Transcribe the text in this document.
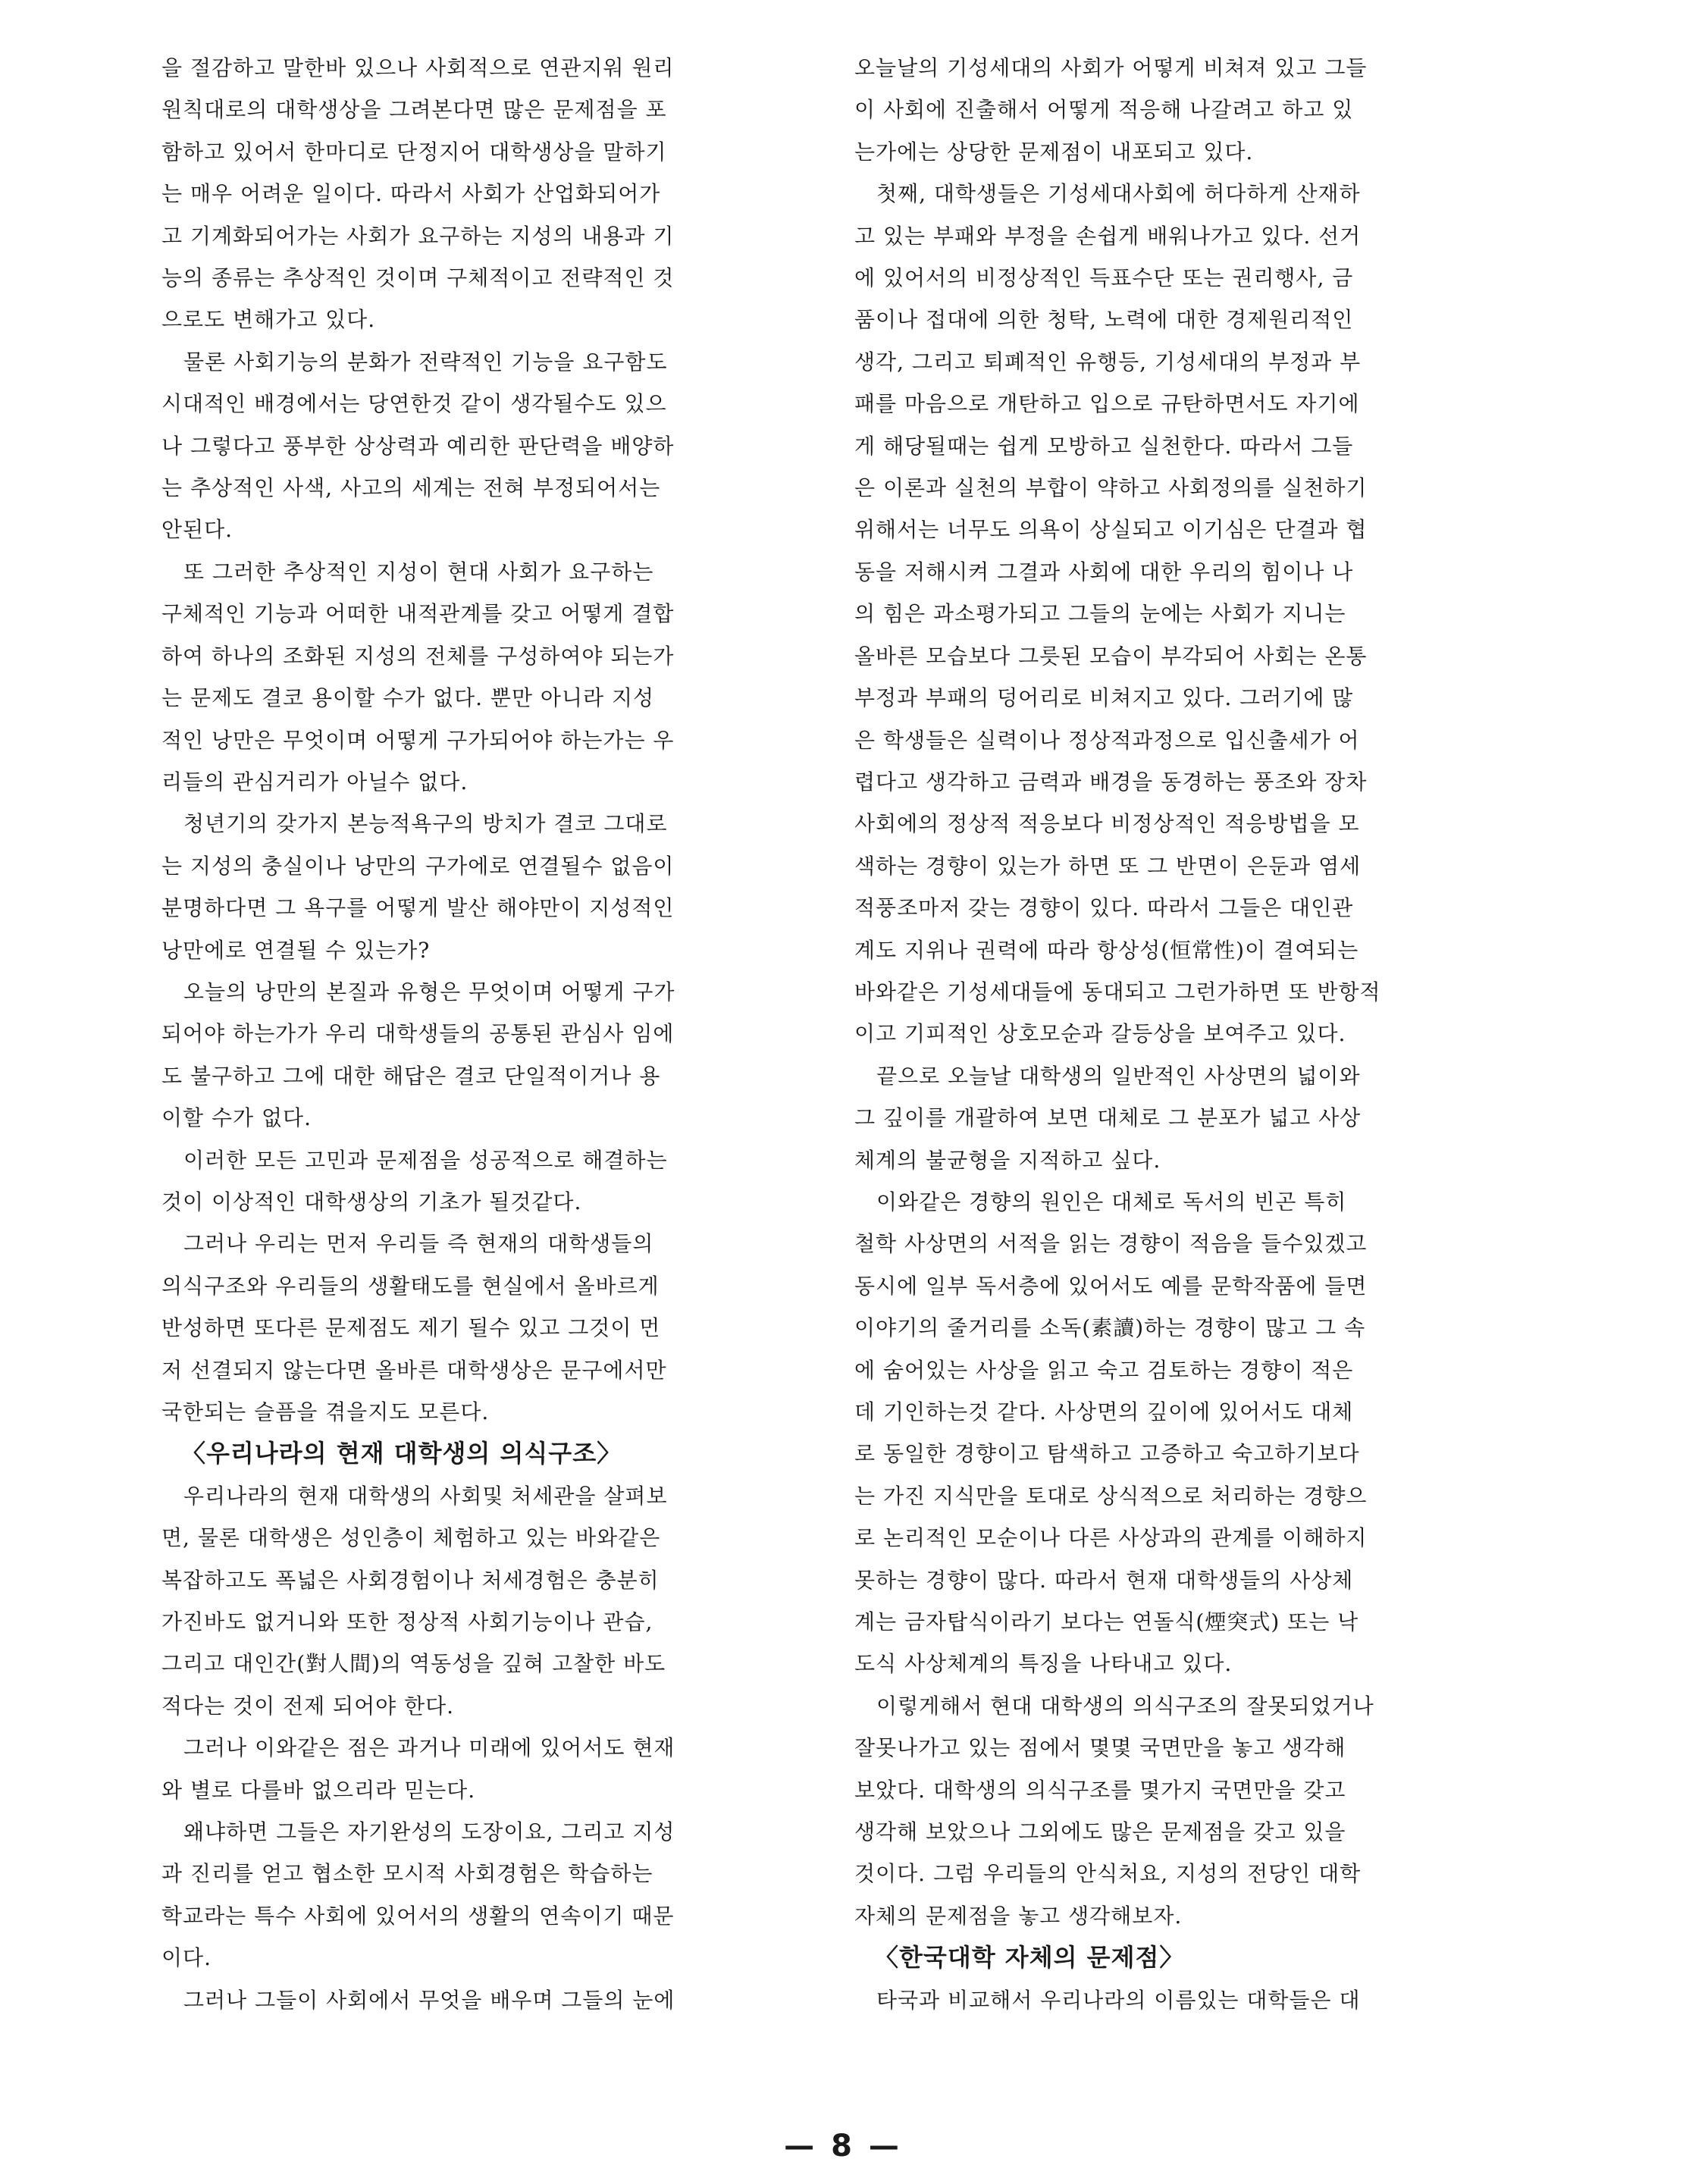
을 절감하고 말한바 있으나 사회적으로 연관지워 원리
원칙대로의 대학생상을 그려본다면 많은 문제점을 포
함하고 있어서 한마디로 단정지어 대학생상을 말하기
는 매우 어려운 일이다. 따라서 사회가 산업화되어가
고 기계화되어가는 사회가 요구하는 지성의 내용과 기
능의 종류는 추상적인 것이며 구체적이고 전략적인 것
으로도 변해가고 있다.

　물론 사회기능의 분화가 전략적인 기능을 요구함도
시대적인 배경에서는 당연한것 같이 생각될수도 있으
나 그렇다고 풍부한 상상력과 예리한 판단력을 배양하
는 추상적인 사색, 사고의 세계는 전혀 부정되어서는
안된다.

　또 그러한 추상적인 지성이 현대 사회가 요구하는
구체적인 기능과 어떠한 내적관계를 갖고 어떻게 결합
하여 하나의 조화된 지성의 전체를 구성하여야 되는가
는 문제도 결코 용이할 수가 없다. 뿐만 아니라 지성
적인 낭만은 무엇이며 어떻게 구가되어야 하는가는 우
리들의 관심거리가 아닐수 없다.

　청년기의 갖가지 본능적욕구의 방치가 결코 그대로
는 지성의 충실이나 낭만의 구가에로 연결될수 없음이
분명하다면 그 욕구를 어떻게 발산 해야만이 지성적인
낭만에로 연결될 수 있는가?

　오늘의 낭만의 본질과 유형은 무엇이며 어떻게 구가
되어야 하는가가 우리 대학생들의 공통된 관심사 임에
도 불구하고 그에 대한 해답은 결코 단일적이거나 용
이할 수가 없다.

　이러한 모든 고민과 문제점을 성공적으로 해결하는
것이 이상적인 대학생상의 기초가 될것같다.

　그러나 우리는 먼저 우리들 즉 현재의 대학생들의
의식구조와 우리들의 생활태도를 현실에서 올바르게
반성하면 또다른 문제점도 제기 될수 있고 그것이 먼
저 선결되지 않는다면 올바른 대학생상은 문구에서만
국한되는 슬픔을 겪을지도 모른다.

〈우리나라의 현재 대학생의 의식구조〉

　우리나라의 현재 대학생의 사회및 처세관을 살펴보
면, 물론 대학생은 성인층이 체험하고 있는 바와같은
복잡하고도 폭넓은 사회경험이나 처세경험은 충분히
가진바도 없거니와 또한 정상적 사회기능이나 관습,
그리고 대인간(對人間)의 역동성을 깊혀 고찰한 바도
적다는 것이 전제 되어야 한다.

　그러나 이와같은 점은 과거나 미래에 있어서도 현재
와 별로 다를바 없으리라 믿는다.

　왜냐하면 그들은 자기완성의 도장이요, 그리고 지성
과 진리를 얻고 협소한 모시적 사회경험은 학습하는
학교라는 특수 사회에 있어서의 생활의 연속이기 때문
이다.

　그러나 그들이 사회에서 무엇을 배우며 그들의 눈에

오늘날의 기성세대의 사회가 어떻게 비쳐져 있고 그들
이 사회에 진출해서 어떻게 적응해 나갈려고 하고 있
는가에는 상당한 문제점이 내포되고 있다.

　첫째, 대학생들은 기성세대사회에 허다하게 산재하
고 있는 부패와 부정을 손쉽게 배워나가고 있다. 선거
에 있어서의 비정상적인 득표수단 또는 권리행사, 금
품이나 접대에 의한 청탁, 노력에 대한 경제원리적인
생각, 그리고 퇴폐적인 유행등, 기성세대의 부정과 부
패를 마음으로 개탄하고 입으로 규탄하면서도 자기에
게 해당될때는 쉽게 모방하고 실천한다. 따라서 그들
은 이론과 실천의 부합이 약하고 사회정의를 실천하기
위해서는 너무도 의욕이 상실되고 이기심은 단결과 협
동을 저해시켜 그결과 사회에 대한 우리의 힘이나 나
의 힘은 과소평가되고 그들의 눈에는 사회가 지니는
올바른 모습보다 그릇된 모습이 부각되어 사회는 온통
부정과 부패의 덩어리로 비쳐지고 있다. 그러기에 많
은 학생들은 실력이나 정상적과정으로 입신출세가 어
렵다고 생각하고 금력과 배경을 동경하는 풍조와 장차
사회에의 정상적 적응보다 비정상적인 적응방법을 모
색하는 경향이 있는가 하면 또 그 반면이 은둔과 염세
적풍조마저 갖는 경향이 있다. 따라서 그들은 대인관
계도 지위나 권력에 따라 항상성(恒常性)이 결여되는
바와같은 기성세대들에 동대되고 그런가하면 또 반항적
이고 기피적인 상호모순과 갈등상을 보여주고 있다.

　끝으로 오늘날 대학생의 일반적인 사상면의 넓이와
그 깊이를 개괄하여 보면 대체로 그 분포가 넓고 사상
체계의 불균형을 지적하고 싶다.

　이와같은 경향의 원인은 대체로 독서의 빈곤 특히
철학 사상면의 서적을 읽는 경향이 적음을 들수있겠고
동시에 일부 독서층에 있어서도 예를 문학작품에 들면
이야기의 줄거리를 소독(素讀)하는 경향이 많고 그 속
에 숨어있는 사상을 읽고 숙고 검토하는 경향이 적은
데 기인하는것 같다. 사상면의 깊이에 있어서도 대체
로 동일한 경향이고 탐색하고 고증하고 숙고하기보다
는 가진 지식만을 토대로 상식적으로 처리하는 경향으
로 논리적인 모순이나 다른 사상과의 관계를 이해하지
못하는 경향이 많다. 따라서 현재 대학생들의 사상체
계는 금자탑식이라기 보다는 연돌식(煙突式) 또는 낙
도식 사상체계의 특징을 나타내고 있다.

　이렇게해서 현대 대학생의 의식구조의 잘못되었거나
잘못나가고 있는 점에서 몇몇 국면만을 놓고 생각해
보았다. 대학생의 의식구조를 몇가지 국면만을 갖고
생각해 보았으나 그외에도 많은 문제점을 갖고 있을
것이다. 그럼 우리들의 안식처요, 지성의 전당인 대학
자체의 문제점을 놓고 생각해보자.

〈한국대학 자체의 문제점〉

　타국과 비교해서 우리나라의 이름있는 대학들은 대

— 8 —
